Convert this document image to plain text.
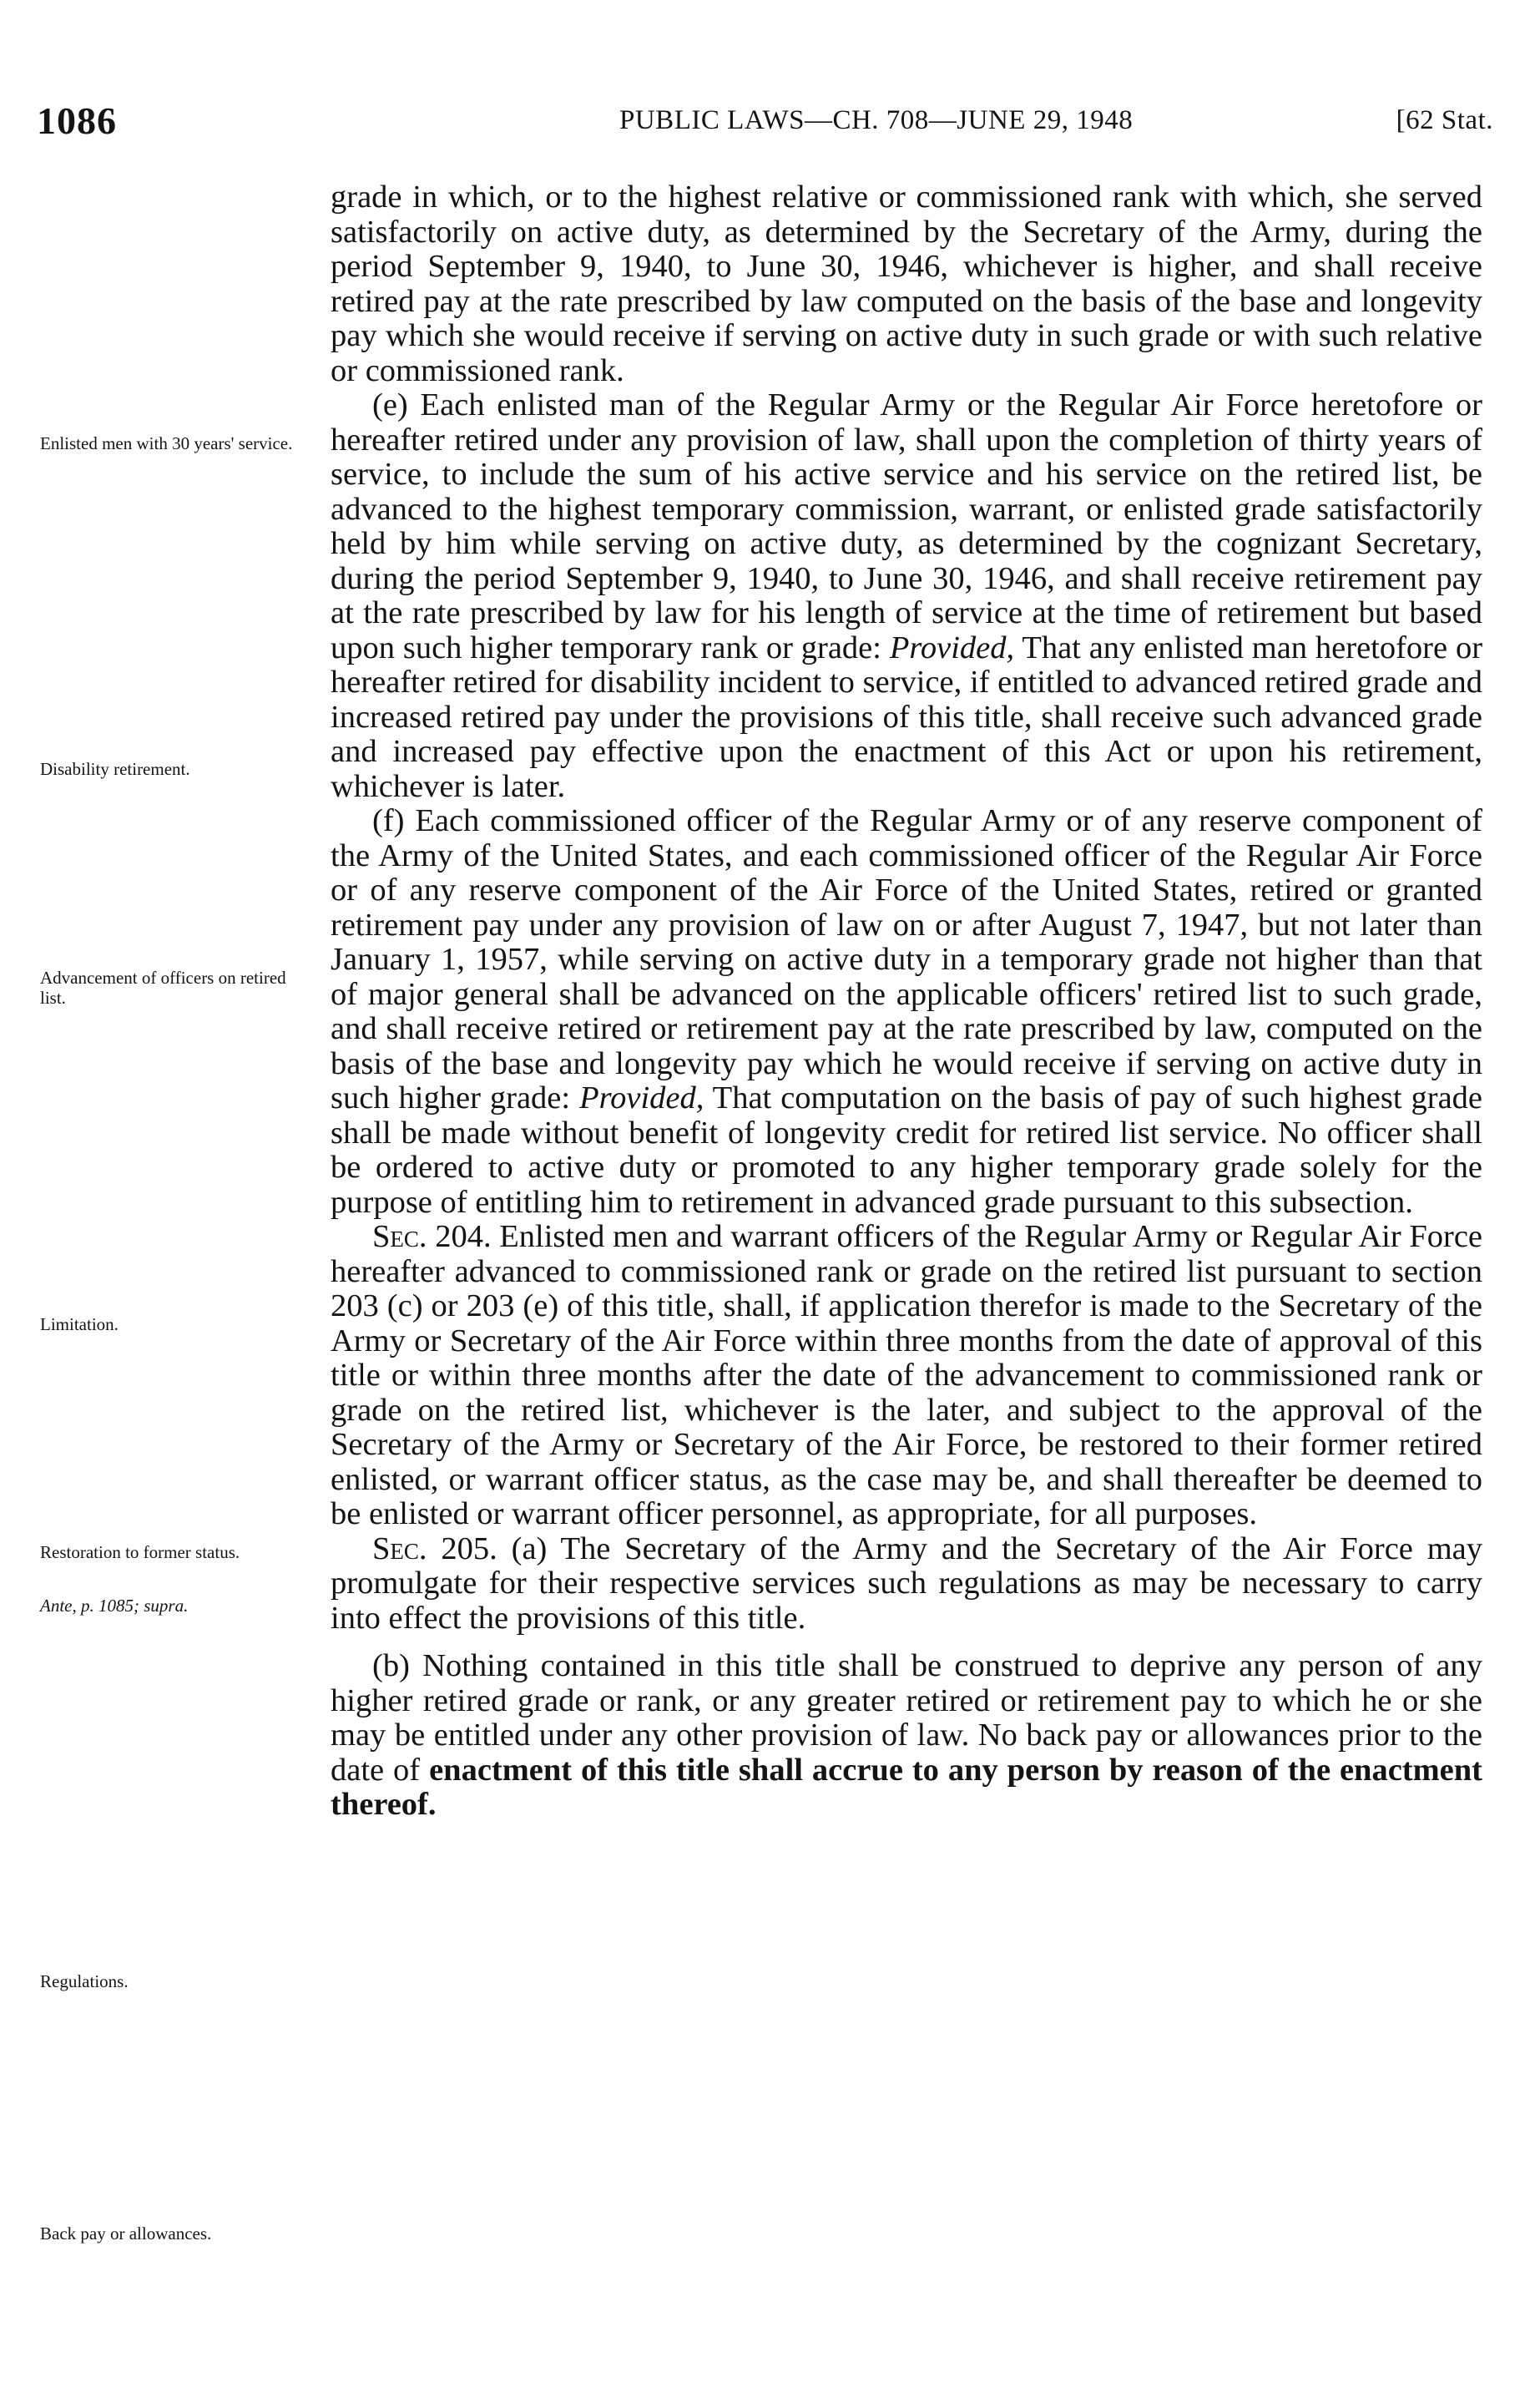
1086	PUBLIC LAWS—CH. 708—JUNE 29, 1948	[62 Stat.
Enlisted men with 30 years' service.
Disability retirement.
Advancement of officers on retired list.
Limitation.
Restoration to former status.
Ante, p. 1085; supra.
Regulations.
Back pay or allowances.

grade in which, or to the highest relative or commissioned rank with which, she served satisfactorily on active duty, as determined by the Secretary of the Army, during the period September 9, 1940, to June 30, 1946, whichever is higher, and shall receive retired pay at the rate prescribed by law computed on the basis of the base and longevity pay which she would receive if serving on active duty in such grade or with such relative or commissioned rank.

(e) Each enlisted man of the Regular Army or the Regular Air Force heretofore or hereafter retired under any provision of law, shall upon the completion of thirty years of service, to include the sum of his active service and his service on the retired list, be advanced to the highest temporary commission, warrant, or enlisted grade satisfactorily held by him while serving on active duty, as determined by the cognizant Secretary, during the period September 9, 1940, to June 30, 1946, and shall receive retirement pay at the rate prescribed by law for his length of service at the time of retirement but based upon such higher temporary rank or grade: Provided, That any enlisted man heretofore or hereafter retired for disability incident to service, if entitled to advanced retired grade and increased retired pay under the provisions of this title, shall receive such advanced grade and increased pay effective upon the enactment of this Act or upon his retirement, whichever is later.

(f) Each commissioned officer of the Regular Army or of any reserve component of the Army of the United States, and each commissioned officer of the Regular Air Force or of any reserve component of the Air Force of the United States, retired or granted retirement pay under any provision of law on or after August 7, 1947, but not later than January 1, 1957, while serving on active duty in a temporary grade not higher than that of major general shall be advanced on the applicable officers' retired list to such grade, and shall receive retired or retirement pay at the rate prescribed by law, computed on the basis of the base and longevity pay which he would receive if serving on active duty in such higher grade: Provided, That computation on the basis of pay of such highest grade shall be made without benefit of longevity credit for retired list service. No officer shall be ordered to active duty or promoted to any higher temporary grade solely for the purpose of entitling him to retirement in advanced grade pursuant to this subsection.

Sec. 204. Enlisted men and warrant officers of the Regular Army or Regular Air Force hereafter advanced to commissioned rank or grade on the retired list pursuant to section 203 (c) or 203 (e) of this title, shall, if application therefor is made to the Secretary of the Army or Secretary of the Air Force within three months from the date of approval of this title or within three months after the date of the advancement to commissioned rank or grade on the retired list, whichever is the later, and subject to the approval of the Secretary of the Army or Secretary of the Air Force, be restored to their former retired enlisted, or warrant officer status, as the case may be, and shall thereafter be deemed to be enlisted or warrant officer personnel, as appropriate, for all purposes.

Sec. 205. (a) The Secretary of the Army and the Secretary of the Air Force may promulgate for their respective services such regulations as may be necessary to carry into effect the provisions of this title.

(b) Nothing contained in this title shall be construed to deprive any person of any higher retired grade or rank, or any greater retired or retirement pay to which he or she may be entitled under any other provision of law. No back pay or allowances prior to the date of enactment of this title shall accrue to any person by reason of the enactment thereof.
